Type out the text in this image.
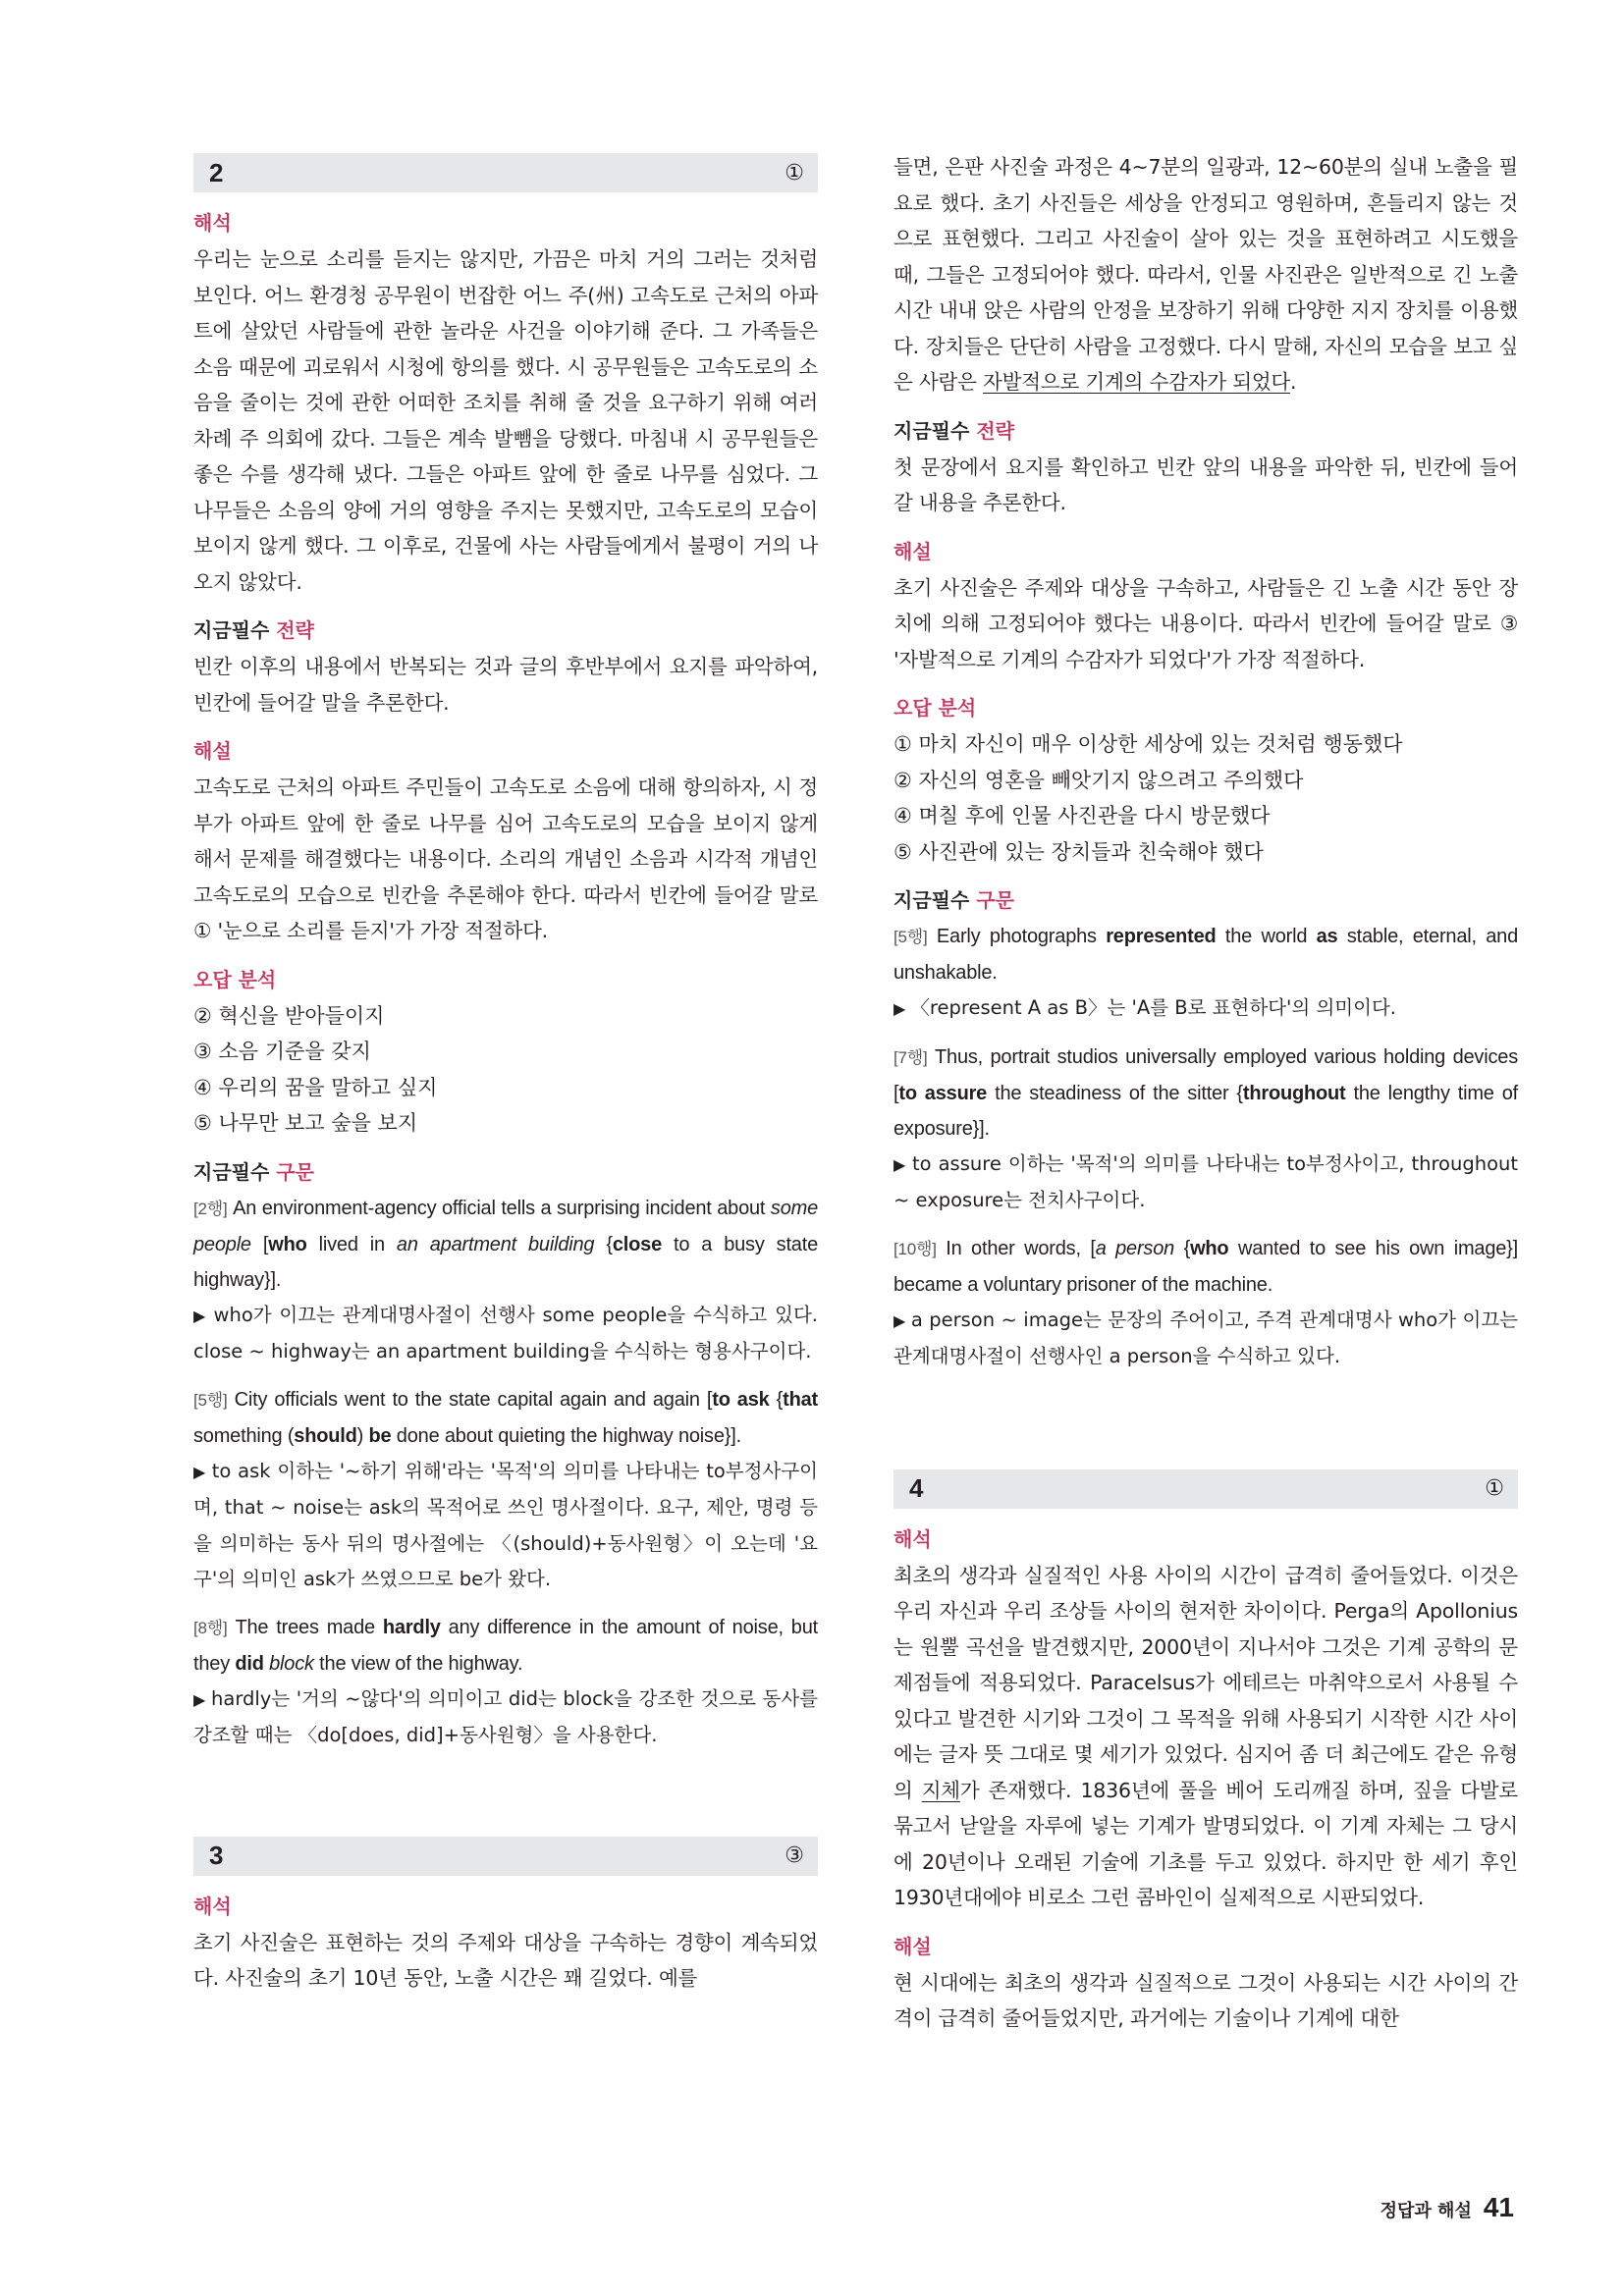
2	①

해석

우리는 눈으로 소리를 듣지는 않지만, 가끔은 마치 거의 그러는 것처럼 보인다. 어느 환경청 공무원이 번잡한 어느 주(州) 고속도로 근처의 아파트에 살았던 사람들에 관한 놀라운 사건을 이야기해 준다. 그 가족들은 소음 때문에 괴로워서 시청에 항의를 했다. 시 공무원들은 고속도로의 소음을 줄이는 것에 관한 어떠한 조치를 취해 줄 것을 요구하기 위해 여러 차례 주 의회에 갔다. 그들은 계속 발뺌을 당했다. 마침내 시 공무원들은 좋은 수를 생각해 냈다. 그들은 아파트 앞에 한 줄로 나무를 심었다. 그 나무들은 소음의 양에 거의 영향을 주지는 못했지만, 고속도로의 모습이 보이지 않게 했다. 그 이후로, 건물에 사는 사람들에게서 불평이 거의 나오지 않았다.

지금필수 전략

빈칸 이후의 내용에서 반복되는 것과 글의 후반부에서 요지를 파악하여, 빈칸에 들어갈 말을 추론한다.

해설

고속도로 근처의 아파트 주민들이 고속도로 소음에 대해 항의하자, 시 정부가 아파트 앞에 한 줄로 나무를 심어 고속도로의 모습을 보이지 않게 해서 문제를 해결했다는 내용이다. 소리의 개념인 소음과 시각적 개념인 고속도로의 모습으로 빈칸을 추론해야 한다. 따라서 빈칸에 들어갈 말로 ① '눈으로 소리를 듣지'가 가장 적절하다.

오답 분석

② 혁신을 받아들이지

③ 소음 기준을 갖지

④ 우리의 꿈을 말하고 싶지

⑤ 나무만 보고 숲을 보지

지금필수 구문

[2행] An environment-agency official tells a surprising incident about some people [who lived in an apartment building {close to a busy state highway}].

▶ who가 이끄는 관계대명사절이 선행사 some people을 수식하고 있다. close ~ highway는 an apartment building을 수식하는 형용사구이다.

[5행] City officials went to the state capital again and again [to ask {that something (should) be done about quieting the highway noise}].

▶ to ask 이하는 '~하기 위해'라는 '목적'의 의미를 나타내는 to부정사구이며, that ~ noise는 ask의 목적어로 쓰인 명사절이다. 요구, 제안, 명령 등을 의미하는 동사 뒤의 명사절에는 〈(should)+동사원형〉이 오는데 '요구'의 의미인 ask가 쓰였으므로 be가 왔다.

[8행] The trees made hardly any difference in the amount of noise, but they did block the view of the highway.

▶ hardly는 '거의 ~않다'의 의미이고 did는 block을 강조한 것으로 동사를 강조할 때는 〈do[does, did]+동사원형〉을 사용한다.

3	③

해석

초기 사진술은 표현하는 것의 주제와 대상을 구속하는 경향이 계속되었다. 사진술의 초기 10년 동안, 노출 시간은 꽤 길었다. 예를

들면, 은판 사진술 과정은 4~7분의 일광과, 12~60분의 실내 노출을 필요로 했다. 초기 사진들은 세상을 안정되고 영원하며, 흔들리지 않는 것으로 표현했다. 그리고 사진술이 살아 있는 것을 표현하려고 시도했을 때, 그들은 고정되어야 했다. 따라서, 인물 사진관은 일반적으로 긴 노출 시간 내내 앉은 사람의 안정을 보장하기 위해 다양한 지지 장치를 이용했다. 장치들은 단단히 사람을 고정했다. 다시 말해, 자신의 모습을 보고 싶은 사람은 자발적으로 기계의 수감자가 되었다.

지금필수 전략

첫 문장에서 요지를 확인하고 빈칸 앞의 내용을 파악한 뒤, 빈칸에 들어갈 내용을 추론한다.

해설

초기 사진술은 주제와 대상을 구속하고, 사람들은 긴 노출 시간 동안 장치에 의해 고정되어야 했다는 내용이다. 따라서 빈칸에 들어갈 말로 ③ '자발적으로 기계의 수감자가 되었다'가 가장 적절하다.

오답 분석

① 마치 자신이 매우 이상한 세상에 있는 것처럼 행동했다

② 자신의 영혼을 빼앗기지 않으려고 주의했다

④ 며칠 후에 인물 사진관을 다시 방문했다

⑤ 사진관에 있는 장치들과 친숙해야 했다

지금필수 구문

[5행] Early photographs represented the world as stable, eternal, and unshakable.

▶ 〈represent A as B〉는 'A를 B로 표현하다'의 의미이다.

[7행] Thus, portrait studios universally employed various holding devices [to assure the steadiness of the sitter {throughout the lengthy time of exposure}].

▶ to assure 이하는 '목적'의 의미를 나타내는 to부정사이고, throughout ~ exposure는 전치사구이다.

[10행] In other words, [a person {who wanted to see his own image}] became a voluntary prisoner of the machine.

▶ a person ~ image는 문장의 주어이고, 주격 관계대명사 who가 이끄는 관계대명사절이 선행사인 a person을 수식하고 있다.

4	①

해석

최초의 생각과 실질적인 사용 사이의 시간이 급격히 줄어들었다. 이것은 우리 자신과 우리 조상들 사이의 현저한 차이이다. Perga의 Apollonius는 원뿔 곡선을 발견했지만, 2000년이 지나서야 그것은 기계 공학의 문제점들에 적용되었다. Paracelsus가 에테르는 마취약으로서 사용될 수 있다고 발견한 시기와 그것이 그 목적을 위해 사용되기 시작한 시간 사이에는 글자 뜻 그대로 몇 세기가 있었다. 심지어 좀 더 최근에도 같은 유형의 지체가 존재했다. 1836년에 풀을 베어 도리깨질 하며, 짚을 다발로 묶고서 낟알을 자루에 넣는 기계가 발명되었다. 이 기계 자체는 그 당시에 20년이나 오래된 기술에 기초를 두고 있었다. 하지만 한 세기 후인 1930년대에야 비로소 그런 콤바인이 실제적으로 시판되었다.

해설

현 시대에는 최초의 생각과 실질적으로 그것이 사용되는 시간 사이의 간격이 급격히 줄어들었지만, 과거에는 기술이나 기계에 대한

정답과 해설 41
